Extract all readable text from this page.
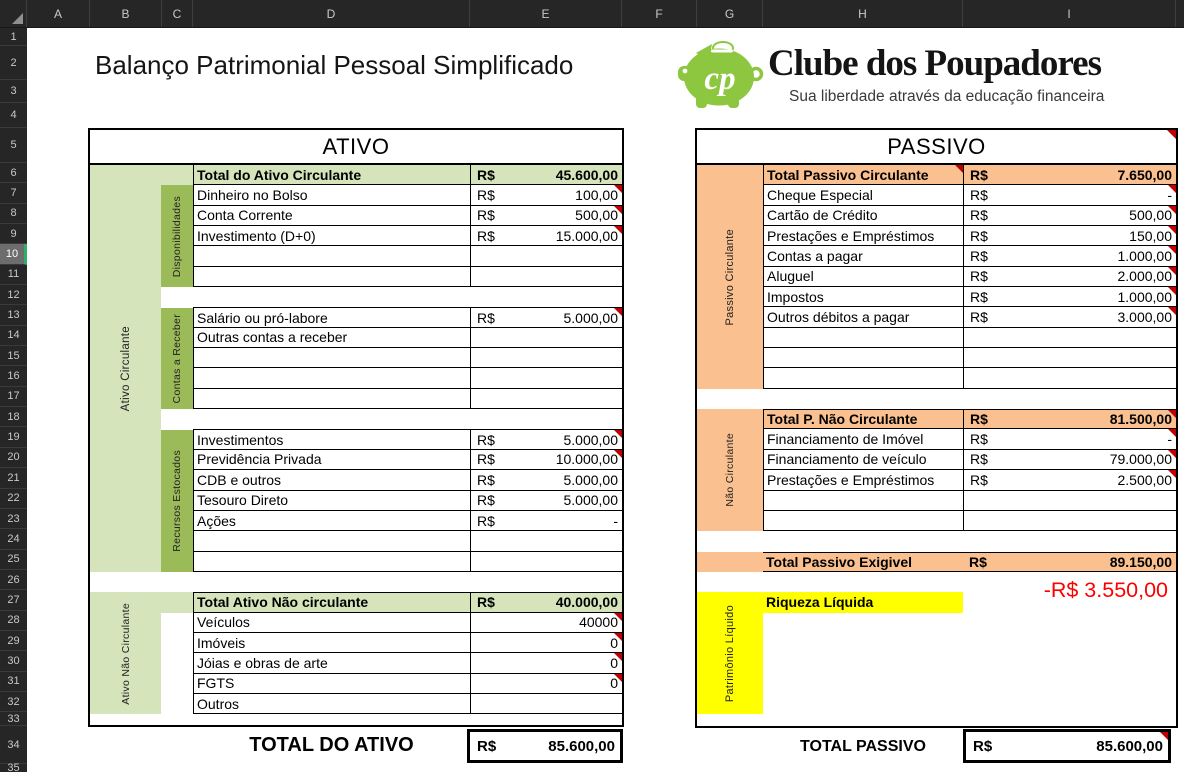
A	B	C	D	E	F	G	H	I
1
2
3
4
5
6
7
8
9
10
11
12
13
14
15
16
17
18
19
20
21
22
23
24
25
26
27
28
29
30
31
32
33
34
35
Balanço Patrimonial Pessoal Simplificado	cp Clube dos Poupadores
Sua liberdade através da educação financeira
ATIVO
Total do Ativo Circulante	R$	45.600,00
Dinheiro no Bolso	R$	100,00
Conta Corrente	R$	500,00
Investimento (D+0)	R$	15.000,00
Salário ou pró-labore	R$	5.000,00
Outras contas a receber
Investimentos	R$	5.000,00
Previdência Privada	R$	10.000,00
CDB e outros	R$	5.000,00
Tesouro Direto	R$	5.000,00
Ações	R$	-
Total Ativo Não circulante	R$	40.000,00
Veículos	40000
Imóveis	0
Jóias e obras de arte	0
FGTS	0
Outros
Ativo Circulante
Ativo Não Circulante
Disponibilidades
Contas a Receber
Recursos Estocados
PASSIVO
Total Passivo Circulante	R$	7.650,00
Cheque Especial	R$	-
Cartão de Crédito	R$	500,00
Prestações e Empréstimos	R$	150,00
Contas a pagar	R$	1.000,00
Aluguel	R$	2.000,00
Impostos	R$	1.000,00
Outros débitos a pagar	R$	3.000,00
Total P. Não Circulante	R$	81.500,00
Financiamento de Imóvel	R$	-
Financiamento de veículo	R$	79.000,00
Prestações e Empréstimos	R$	2.500,00
Total Passivo Exigivel	R$	89.150,00
Riqueza Líquida
-R$ 3.550,00
Passivo Circulante
Não Circulante
Patrimônio Líquido
TOTAL DO ATIVO	R$	85.600,00	TOTAL PASSIVO	R$	85.600,00
